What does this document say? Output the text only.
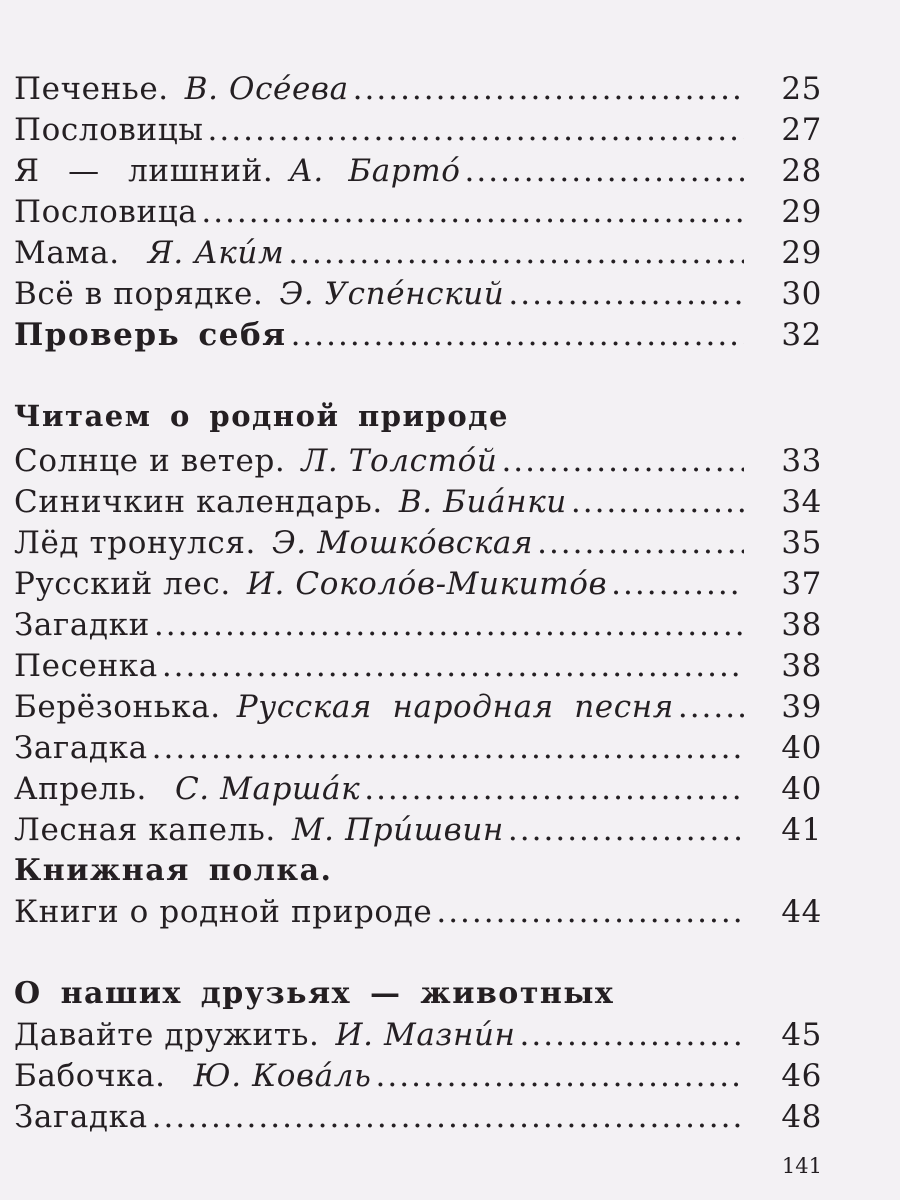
Печенье. В. Осéева .....	25
Пословицы .....	27
Я — лишний. А. Бартó .....	28
Пословица .....	29
Мама. Я. Акúм .....	29
Всё в порядке. Э. Успéнский .....	30
Проверь себя .....	32
Читаем о родной природе
Солнце и ветер. Л. Толстóй .....	33
Синичкин календарь. В. Биáнки .....	34
Лёд тронулся. Э. Мошкóвская .....	35
Русский лес. И. Соколóв-Микитóв .....	37
Загадки .....	38
Песенка .....	38
Берёзонька. Русская народная песня .....	39
Загадка .....	40
Апрель. С. Маршáк .....	40
Лесная капель. М. Прúшвин .....	41
Книжная полка.
Книги о родной природе .....	44
О наших друзьях — животных
Давайте дружить. И. Мазнúн .....	45
Бабочка. Ю. Ковáль .....	46
Загадка .....	48
141
